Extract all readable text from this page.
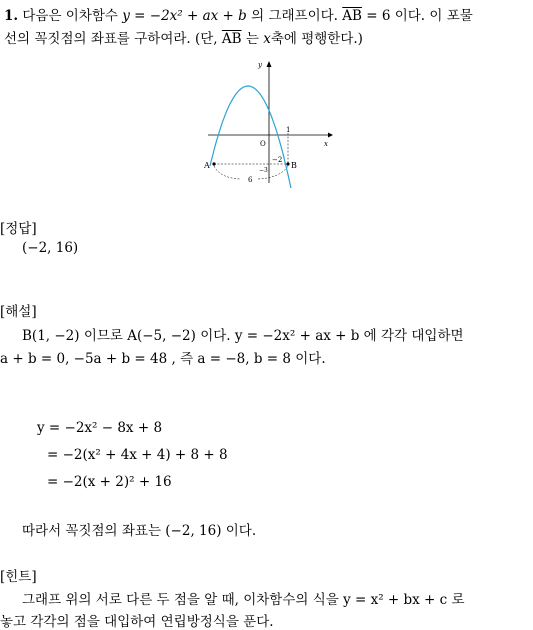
1. 다음은 이차함수 y = −2x² + ax + b 의 그래프이다. $\overline{AB} = 6$ 이다. 이 포물
선의 꼭짓점의 좌표를 구하여라. (단, $\overline{AB}$ 는 x축에 평행한다.)
y
x
O
1
−2
−3
6
A	B
[정답]
(−2, 16)
[해설]
B(1, −2) 이므로 A(−5, −2) 이다. y = −2x² + ax + b 에 각각 대입하면
a + b = 0, −5a + b = 48 , 즉 a = −8, b = 8 이다.
y = −2x² − 8x + 8
= −2(x² + 4x + 4) + 8 + 8
= −2(x + 2)² + 16
따라서 꼭짓점의 좌표는 (−2, 16) 이다.
[힌트]
그래프 위의 서로 다른 두 점을 알 때, 이차함수의 식을 y = x² + bx + c 로
놓고 각각의 점을 대입하여 연립방정식을 푼다.
